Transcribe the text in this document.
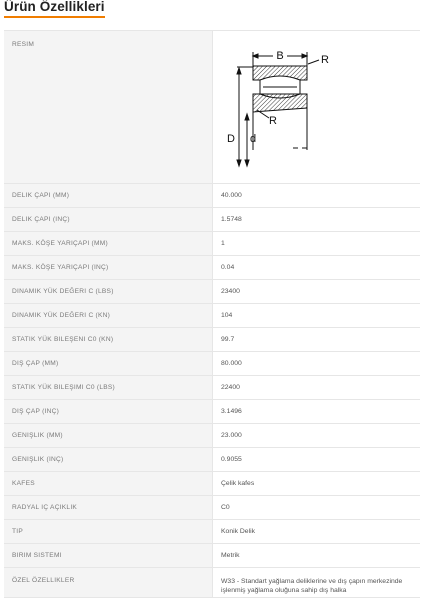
Ürün Özellikleri
RESIM	B R
R
D d

DELIK ÇAPI (MM)	40.000
DELIK ÇAPI (INÇ)	1.5748
MAKS. KÖŞE YARIÇAPI (MM)	1
MAKS. KÖŞE YARIÇAPI (INÇ)	0.04
DINAMIK YÜK DEĞERI C (LBS)	23400
DINAMIK YÜK DEĞERI C (KN)	104
STATIK YÜK BILEŞENI C0 (KN)	99.7
DIŞ ÇAP (MM)	80.000
STATIK YÜK BILEŞIMI C0 (LBS)	22400
DIŞ ÇAP (INÇ)	3.1496
GENIŞLIK (MM)	23.000
GENIŞLIK (INÇ)	0.9055
KAFES	Çelik kafes
RADYAL IÇ AÇIKLIK	C0
TIP	Konik Delik
BIRIM SISTEMI	Metrik
ÖZEL ÖZELLIKLER	W33 - Standart yağlama deliklerine ve dış çapın merkezinde işlenmiş yağlama oluğuna sahip dış halka
